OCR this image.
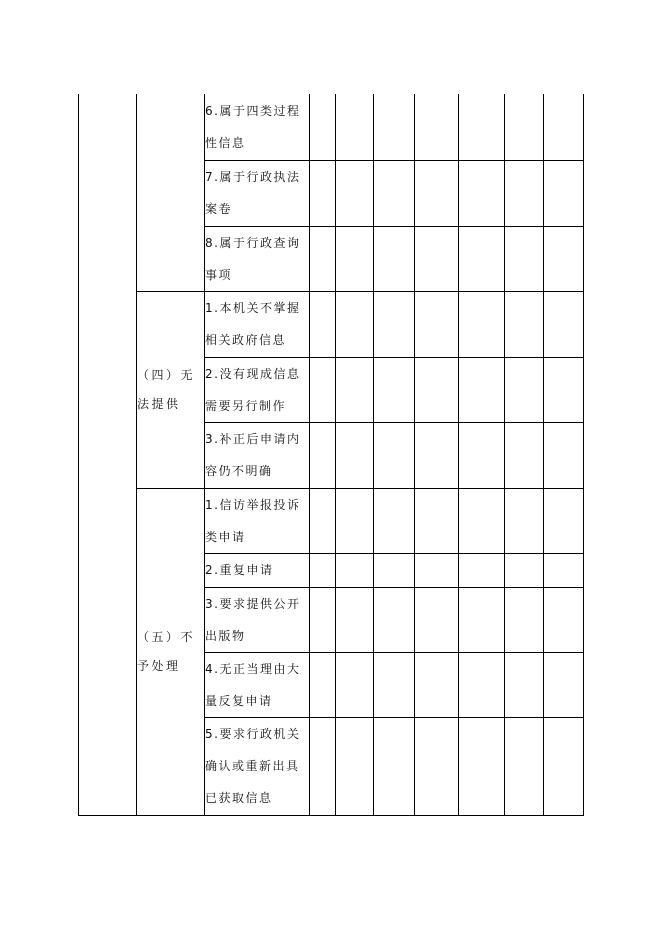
		6.属于四类过程性信息							
		7.属于行政执法案卷							
		8.属于行政查询事项							
	（四）无法提供	1.本机关不掌握相关政府信息							
		2.没有现成信息需要另行制作							
		3.补正后申请内容仍不明确							
	（五）不予处理	1.信访举报投诉类申请							
		2.重复申请							
		3.要求提供公开出版物							
		4.无正当理由大量反复申请							
		5.要求行政机关确认或重新出具已获取信息							
